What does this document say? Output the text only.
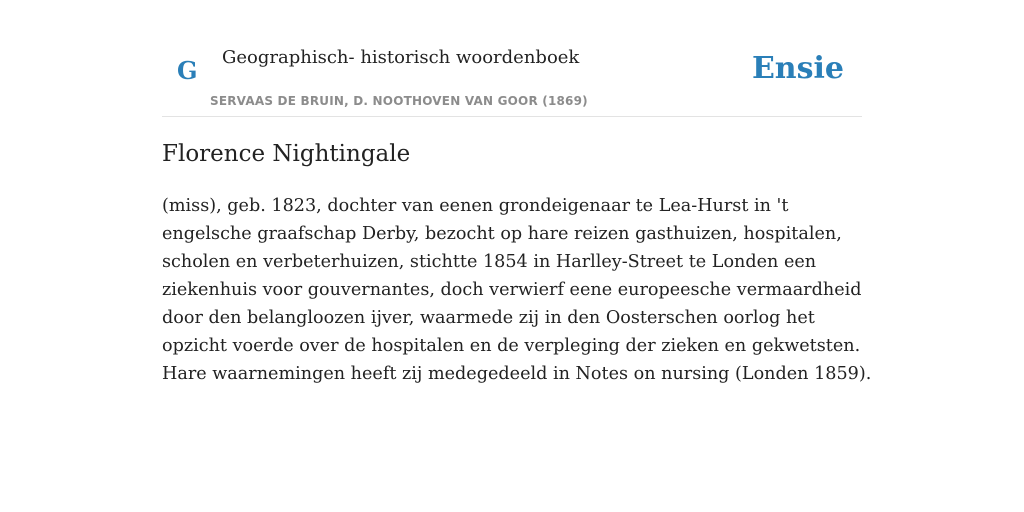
G Geographisch- historisch woordenboek
SERVAAS DE BRUIN, D. NOOTHOVEN VAN GOOR (1869)
Ensie
Florence Nightingale

(miss), geb. 1823, dochter van eenen grondeigenaar te Lea-Hurst in 't engelsche graafschap Derby, bezocht op hare reizen gasthuizen, hospitalen, scholen en verbeterhuizen, stichtte 1854 in Harlley-Street te Londen een ziekenhuis voor gouvernantes, doch verwierf eene europeesche vermaardheid door den belangloozen ijver, waarmede zij in den Oosterschen oorlog het opzicht voerde over de hospitalen en de verpleging der zieken en gekwetsten. Hare waarnemingen heeft zij medegedeeld in Notes on nursing (Londen 1859).
